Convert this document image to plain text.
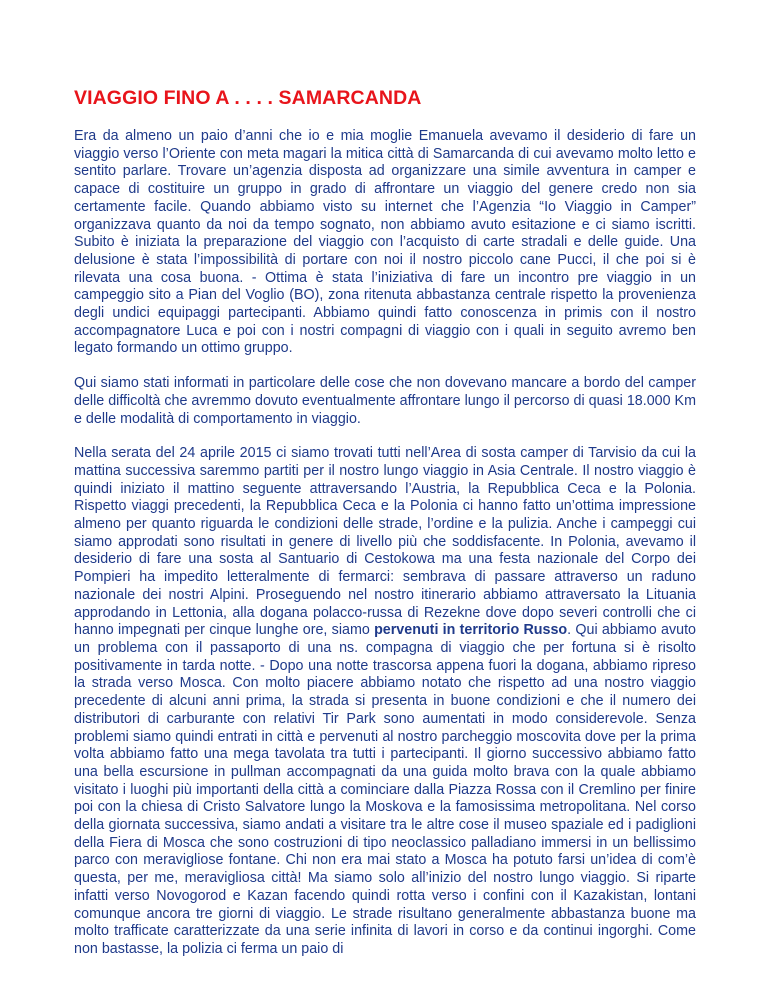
VIAGGIO FINO A . . . . SAMARCANDA

Era da almeno un paio d’anni che io e mia moglie Emanuela avevamo il desiderio di fare un viaggio verso l’Oriente con meta magari la mitica città di Samarcanda di cui avevamo molto letto e sentito parlare. Trovare un’agenzia disposta ad organizzare una simile avventura in camper e capace di costituire un gruppo in grado di affrontare un viaggio del genere credo non sia certamente facile. Quando abbiamo visto su internet che l’Agenzia “Io Viaggio in Camper” organizzava quanto da noi da tempo sognato, non abbiamo avuto esitazione e ci siamo iscritti. Subito è iniziata la preparazione del viaggio con l’acquisto di carte stradali e delle guide. Una delusione è stata l’impossibilità di portare con noi il nostro piccolo cane Pucci, il che poi si è rilevata una cosa buona. - Ottima è stata l’iniziativa di fare un incontro pre viaggio in un campeggio sito a Pian del Voglio (BO), zona ritenuta abbastanza centrale rispetto la provenienza degli undici equipaggi partecipanti. Abbiamo quindi fatto conoscenza in primis con il nostro accompagnatore Luca e poi con i nostri compagni di viaggio con i quali in seguito avremo ben legato formando un ottimo gruppo.

Qui siamo stati informati in particolare delle cose che non dovevano mancare a bordo del camper delle difficoltà che avremmo dovuto eventualmente affrontare lungo il percorso di quasi 18.000 Km e delle modalità di comportamento in viaggio.

Nella serata del 24 aprile 2015 ci siamo trovati tutti nell’Area di sosta camper di Tarvisio da cui la mattina successiva saremmo partiti per il nostro lungo viaggio in Asia Centrale. Il nostro viaggio è quindi iniziato il mattino seguente attraversando l’Austria, la Repubblica Ceca e la Polonia. Rispetto viaggi precedenti, la Repubblica Ceca e la Polonia ci hanno fatto un’ottima impressione almeno per quanto riguarda le condizioni delle strade, l’ordine e la pulizia. Anche i campeggi cui siamo approdati sono risultati in genere di livello più che soddisfacente. In Polonia, avevamo il desiderio di fare una sosta al Santuario di Cestokowa ma una festa nazionale del Corpo dei Pompieri ha impedito letteralmente di fermarci: sembrava di passare attraverso un raduno nazionale dei nostri Alpini. Proseguendo nel nostro itinerario abbiamo attraversato la Lituania approdando in Lettonia, alla dogana polacco-russa di Rezekne dove dopo severi controlli che ci hanno impegnati per cinque lunghe ore, siamo pervenuti in territorio Russo. Qui abbiamo avuto un problema con il passaporto di una ns. compagna di viaggio che per fortuna si è risolto positivamente in tarda notte. - Dopo una notte trascorsa appena fuori la dogana, abbiamo ripreso la strada verso Mosca. Con molto piacere abbiamo notato che rispetto ad una nostro viaggio precedente di alcuni anni prima, la strada si presenta in buone condizioni e che il numero dei distributori di carburante con relativi Tir Park sono aumentati in modo considerevole. Senza problemi siamo quindi entrati in città e pervenuti al nostro parcheggio moscovita dove per la prima volta abbiamo fatto una mega tavolata tra tutti i partecipanti. Il giorno successivo abbiamo fatto una bella escursione in pullman accompagnati da una guida molto brava con la quale abbiamo visitato i luoghi più importanti della città a cominciare dalla Piazza Rossa con il Cremlino per finire poi con la chiesa di Cristo Salvatore lungo la Moskova e la famosissima metropolitana. Nel corso della giornata successiva, siamo andati a visitare tra le altre cose il museo spaziale ed i padiglioni della Fiera di Mosca che sono costruzioni di tipo neoclassico palladiano immersi in un bellissimo parco con meravigliose fontane. Chi non era mai stato a Mosca ha potuto farsi un’idea di com’è questa, per me, meravigliosa città! Ma siamo solo all’inizio del nostro lungo viaggio. Si riparte infatti verso Novogorod e Kazan facendo quindi rotta verso i confini con il Kazakistan, lontani comunque ancora tre giorni di viaggio. Le strade risultano generalmente abbastanza buone ma molto trafficate caratterizzate da una serie infinita di lavori in corso e da continui ingorghi. Come non bastasse, la polizia ci ferma un paio di
